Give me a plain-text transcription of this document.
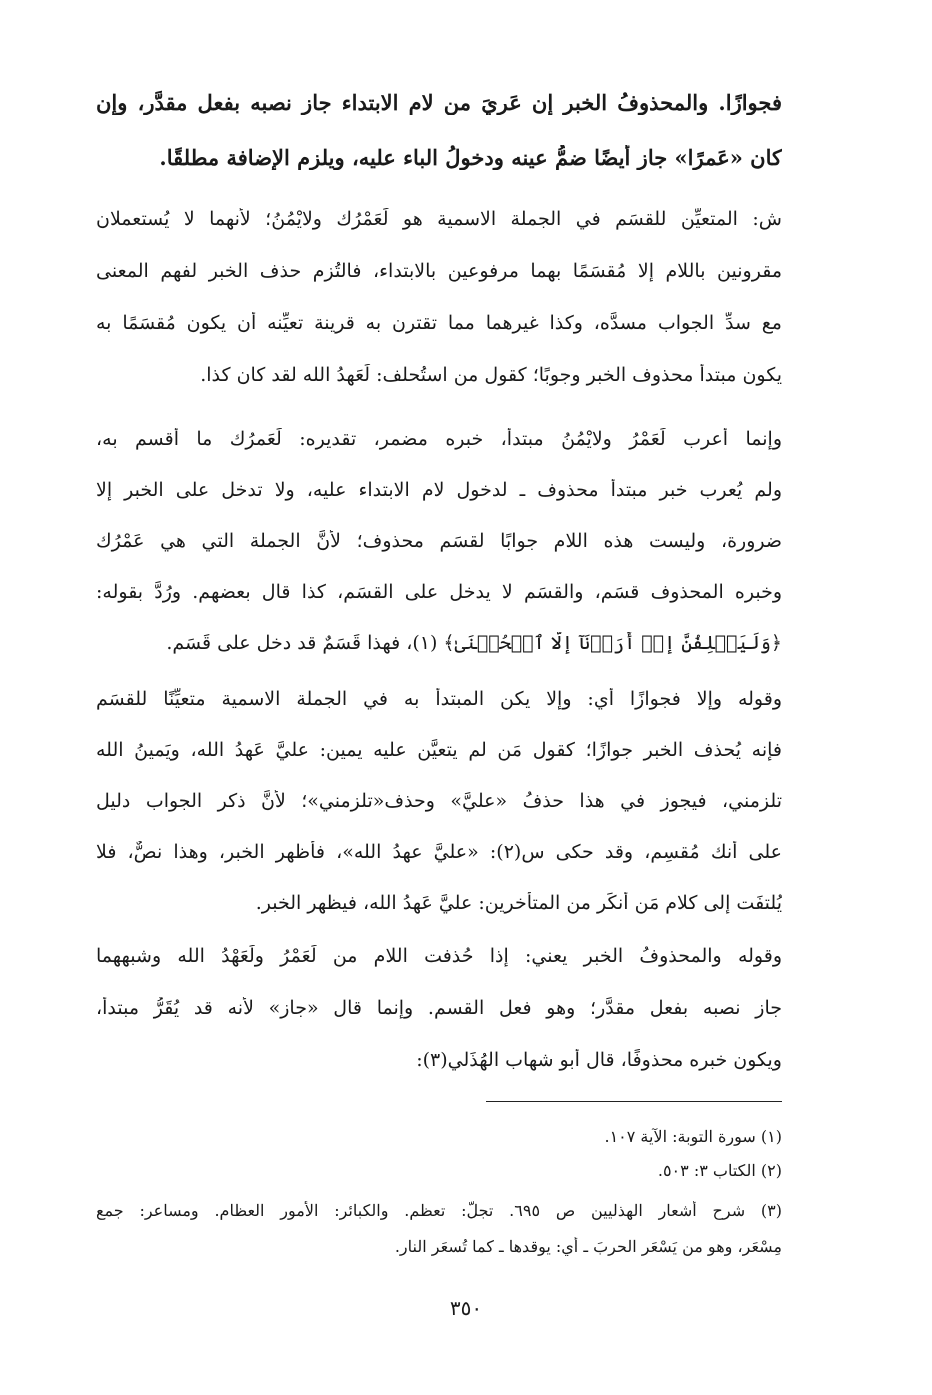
فجوازًا. والمحذوفُ الخبرِ إن عَرِيَ من لام الابتداء جاز نصبه بفعل مقدَّر، وإن
كان «عَمرًا» جاز أيضًا ضمُّ عينه ودخولُ الباء عليه، ويلزم الإضافة مطلقًا.
ش: المتعيِّن للقسَم في الجملة الاسمية هو لَعَمْرُك ولايْمُنُ؛ لأَنهما لا يُستعملان
مقرونين باللام إلا مُقسَمًا بهما مرفوعين بالابتداء، فالتُزم حذف الخبر لفهم المعنى
مع سدِّ الجواب مسدَّه، وكذا غيرهما مما تقترن به قرينة تعيِّنه أن يكون مُقسَمًا به
يكون مبتدأ محذوف الخبر وجوبًا؛ كقول من استُحلف: لَعَهدُ الله لقد كان كذا.
وإنما أُعرب لَعَمْرُ ولايْمُنُ مبتدأ، خبره مضمر، تقديره: لَعَمرُك ما أُقسم به،
ولم يُعرب خبر مبتدأ محذوف ـ لدخول لام الابتداء عليه، ولا تدخل على الخبر إلا
ضرورة، وليست هذه اللام جوابًا لقسَم محذوف؛ لأنَّ الجملة التي هي عَمْرُك
وخبره المحذوف قسَم، والقسَم لا يدخل على القسَم، كذا قال بعضهم. ورُدَّ بقوله:
﴿وَلَيَحۡلِفُنَّ إِنۡ أَرَدۡنَآ إِلَّا ٱلۡحُسۡنَىٰ﴾ (١)، فهذا قَسَمٌ قد دخل على قَسَم.
وقوله وإلا فجوازًا أي: وإلا يكن المبتدأ به في الجملة الاسمية متعيِّنًا للقسَم
فإنه يُحذف الخبر جوازًا؛ كقول مَن لم يتعيَّن عليه يمين: عليَّ عَهدُ الله، ويَمينُ الله
تلزمني، فيجوز في هذا حذفُ «عليَّ» وحذف«تلزمني»؛ لأنَّ ذكر الجواب دليل
على أنك مُقسِم، وقد حكى س(٢): «عليَّ عهدُ الله»، فأظهر الخبر، وهذا نصٌّ، فلا
يُلتفَت إلى كلامِ مَن أنكَر من المتأخرين: عليَّ عَهدُ الله، فيظهر الخبر.
وقوله والمحذوفُ الخبرِ يعني: إذا حُذفت اللام من لَعَمْرُ ولَعَهْدُ الله وشبههما
جاز نصبه بفعل مقدَّر؛ وهو فعل القسم. وإنما قال «جاز» لأنه قد يُقَرُّ مبتدأ،
ويكون خبره محذوفًا، قال أبو شهاب الهُذَلي(٣):
(١) سورة التوبة: الآية ١٠٧.
(٢) الكتاب ٣: ٥٠٣.
(٣) شرح أشعار الهذليين ص ٦٩٥. تجلَّ: تعظم. والكبائر: الأمور العظام. ومساعر: جمع
مِسْعَر، وهو من يَسْعَر الحربَ ـ أي: يوقدها ـ كما تُسعَر النار.
٣٥٠
